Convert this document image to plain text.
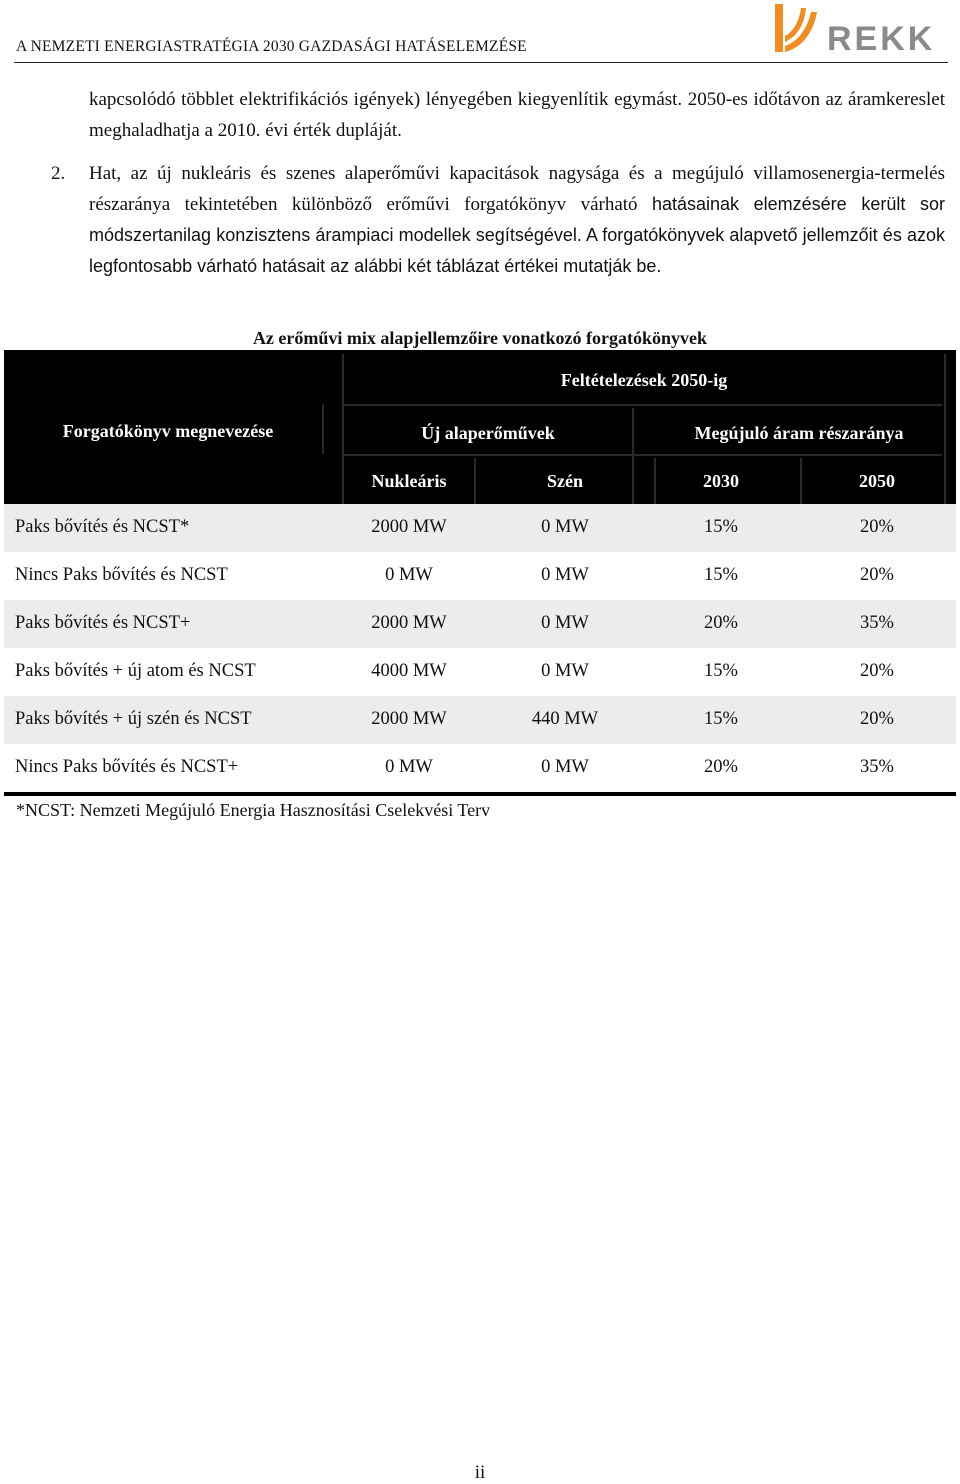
A NEMZETI ENERGIASTRATÉGIA 2030 GAZDASÁGI HATÁSELEMZÉSE	REKK
kapcsolódó többlet elektrifikációs igények) lényegében kiegyenlítik egymást. 2050-es időtávon az áramkereslet meghaladhatja a 2010. évi érték dupláját.
2. Hat, az új nukleáris és szenes alaperőművi kapacitások nagysága és a megújuló villamosenergia-termelés részaránya tekintetében különböző erőművi forgatókönyv várható hatásainak elemzésére került sor módszertanilag konzisztens árampiaci modellek segítségével. A forgatókönyvek alapvető jellemzőit és azok legfontosabb várható hatásait az alábbi két táblázat értékei mutatják be.
Az erőművi mix alapjellemzőire vonatkozó forgatókönyvek
Forgatókönyv megnevezése
Feltételezések 2050-ig
Új alaperőművek	Megújuló áram részaránya
Nukleáris	Szén	2030	2050
Paks bővítés és NCST*	2000 MW	0 MW	15%	20%
Nincs Paks bővítés és NCST	0 MW	0 MW	15%	20%
Paks bővítés és NCST+	2000 MW	0 MW	20%	35%
Paks bővítés + új atom és NCST	4000 MW	0 MW	15%	20%
Paks bővítés + új szén és NCST	2000 MW	440 MW	15%	20%
Nincs Paks bővítés és NCST+	0 MW	0 MW	20%	35%
*NCST: Nemzeti Megújuló Energia Hasznosítási Cselekvési Terv
ii
